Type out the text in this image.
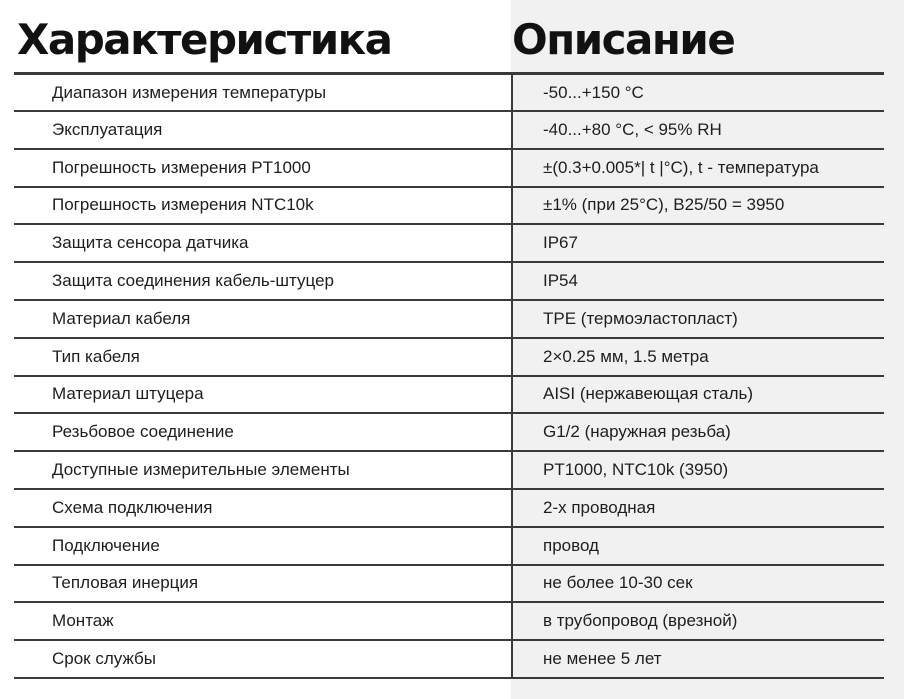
Характеристика	Описание
Диапазон измерения температуры	-50...+150 °C
Эксплуатация	-40...+80 °C, < 95% RH
Погрешность измерения PT1000	±(0.3+0.005*| t |°C), t - температура
Погрешность измерения NTC10k	±1% (при 25°C), B25/50 = 3950
Защита сенсора датчика	IP67
Защита соединения кабель-штуцер	IP54
Материал кабеля	TPE (термоэластопласт)
Тип кабеля	2×0.25 мм, 1.5 метра
Материал штуцера	AISI (нержавеющая сталь)
Резьбовое соединение	G1/2 (наружная резьба)
Доступные измерительные элементы	PT1000, NTC10k (3950)
Схема подключения	2-х проводная
Подключение	провод
Тепловая инерция	не более 10-30 сек
Монтаж	в трубопровод (врезной)
Срок службы	не менее 5 лет
